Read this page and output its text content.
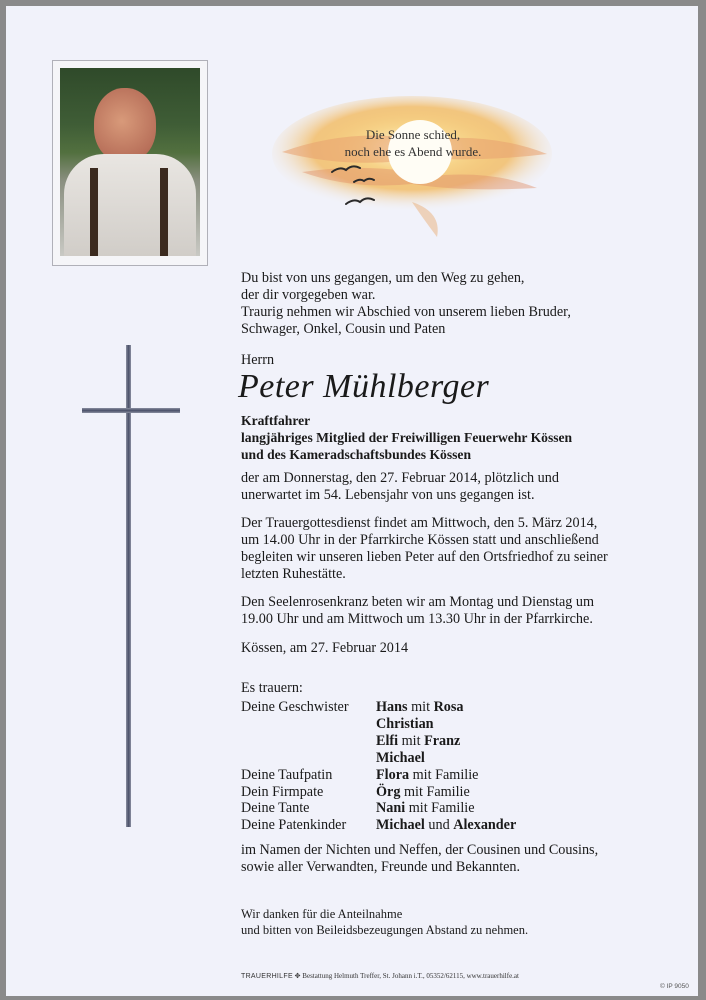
Die Sonne schied,
noch ehe es Abend wurde.

Du bist von uns gegangen, um den Weg zu gehen,

der dir vorgegeben war.

Traurig nehmen wir Abschied von unserem lieben Bruder,

Schwager, Onkel, Cousin und Paten

Herrn
Peter Mühlberger
Kraftfahrer
langjähriges Mitglied der Freiwilligen Feuerwehr Kössen
und des Kameradschaftsbundes Kössen
der am Donnerstag, den 27. Februar 2014, plötzlich und
unerwartet im 54. Lebensjahr von uns gegangen ist.
Der Trauergottesdienst findet am Mittwoch, den 5. März 2014,
um 14.00 Uhr in der Pfarrkirche Kössen statt und anschließend
begleiten wir unseren lieben Peter auf den Ortsfriedhof zu seiner
letzten Ruhestätte.
Den Seelenrosenkranz beten wir am Montag und Dienstag um
19.00 Uhr und am Mittwoch um 13.30 Uhr in der Pfarrkirche.
Kössen, am 27. Februar 2014
Es trauern:
Deine Geschwister Hans mit Rosa
Christian
Elfi mit Franz
Michael
Deine Taufpatin	Flora mit Familie
Dein Firmpate	Örg mit Familie
Deine Tante	Nani mit Familie
Deine Patenkinder Michael und Alexander
im Namen der Nichten und Neffen, der Cousinen und Cousins,
sowie aller Verwandten, Freunde und Bekannten.
Wir danken für die Anteilnahme
und bitten von Beileidsbezeugungen Abstand zu nehmen.
TRAUERHILFE ✥ Bestattung Helmuth Treffer, St. Johann i.T., 05352/62115, www.trauerhilfe.at
© IP 9050
